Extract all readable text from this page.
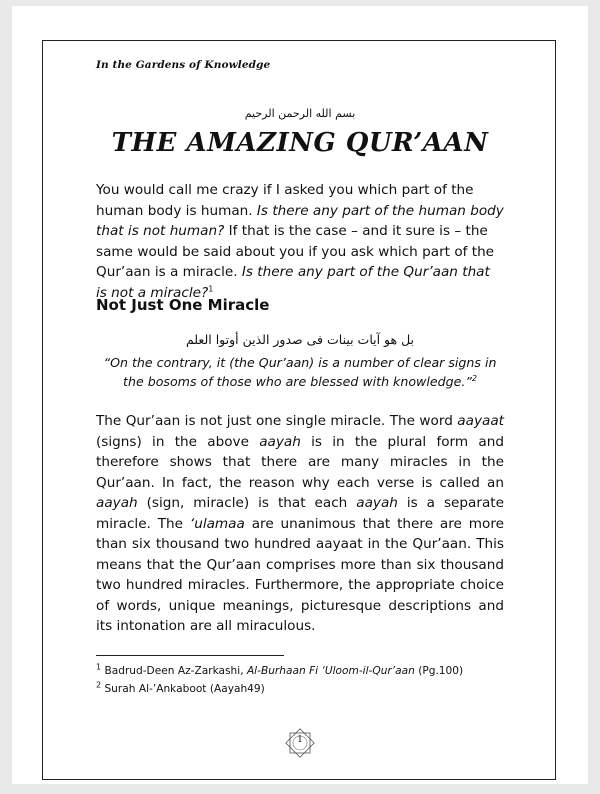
In the Gardens of Knowledge
بسم الله الرحمن الرحيم
THE AMAZING QUR’AAN
You would call me crazy if I asked you which part of the human body is human. Is there any part of the human body that is not human? If that is the case – and it sure is – the same would be said about you if you ask which part of the Qur’aan is a miracle. Is there any part of the Qur’aan that is not a miracle?$^1$
Not Just One Miracle
بل هو آيات بينات فى صدور الذين أوتوا العلم
“On the contrary, it (the Qur’aan) is a number of clear signs in the bosoms of those who are blessed with knowledge.”$^2$
The Qur’aan is not just one single miracle. The word aayaat (signs) in the above aayah is in the plural form and therefore shows that there are many miracles in the Qur’aan. In fact, the reason why each verse is called an aayah (sign, miracle) is that each aayah is a separate miracle. The ‘ulamaa are unanimous that there are more than six thousand two hundred aayaat in the Qur’aan. This means that the Qur’aan comprises more than six thousand two hundred miracles. Furthermore, the appropriate choice of words, unique meanings, picturesque descriptions and its intonation are all miraculous.
$^1$ Badrud-Deen Az-Zarkashi, Al-Burhaan Fi ‘Uloom-il-Qur’aan (Pg.100)
$^2$ Surah Al-’Ankaboot (Aayah49)
1
